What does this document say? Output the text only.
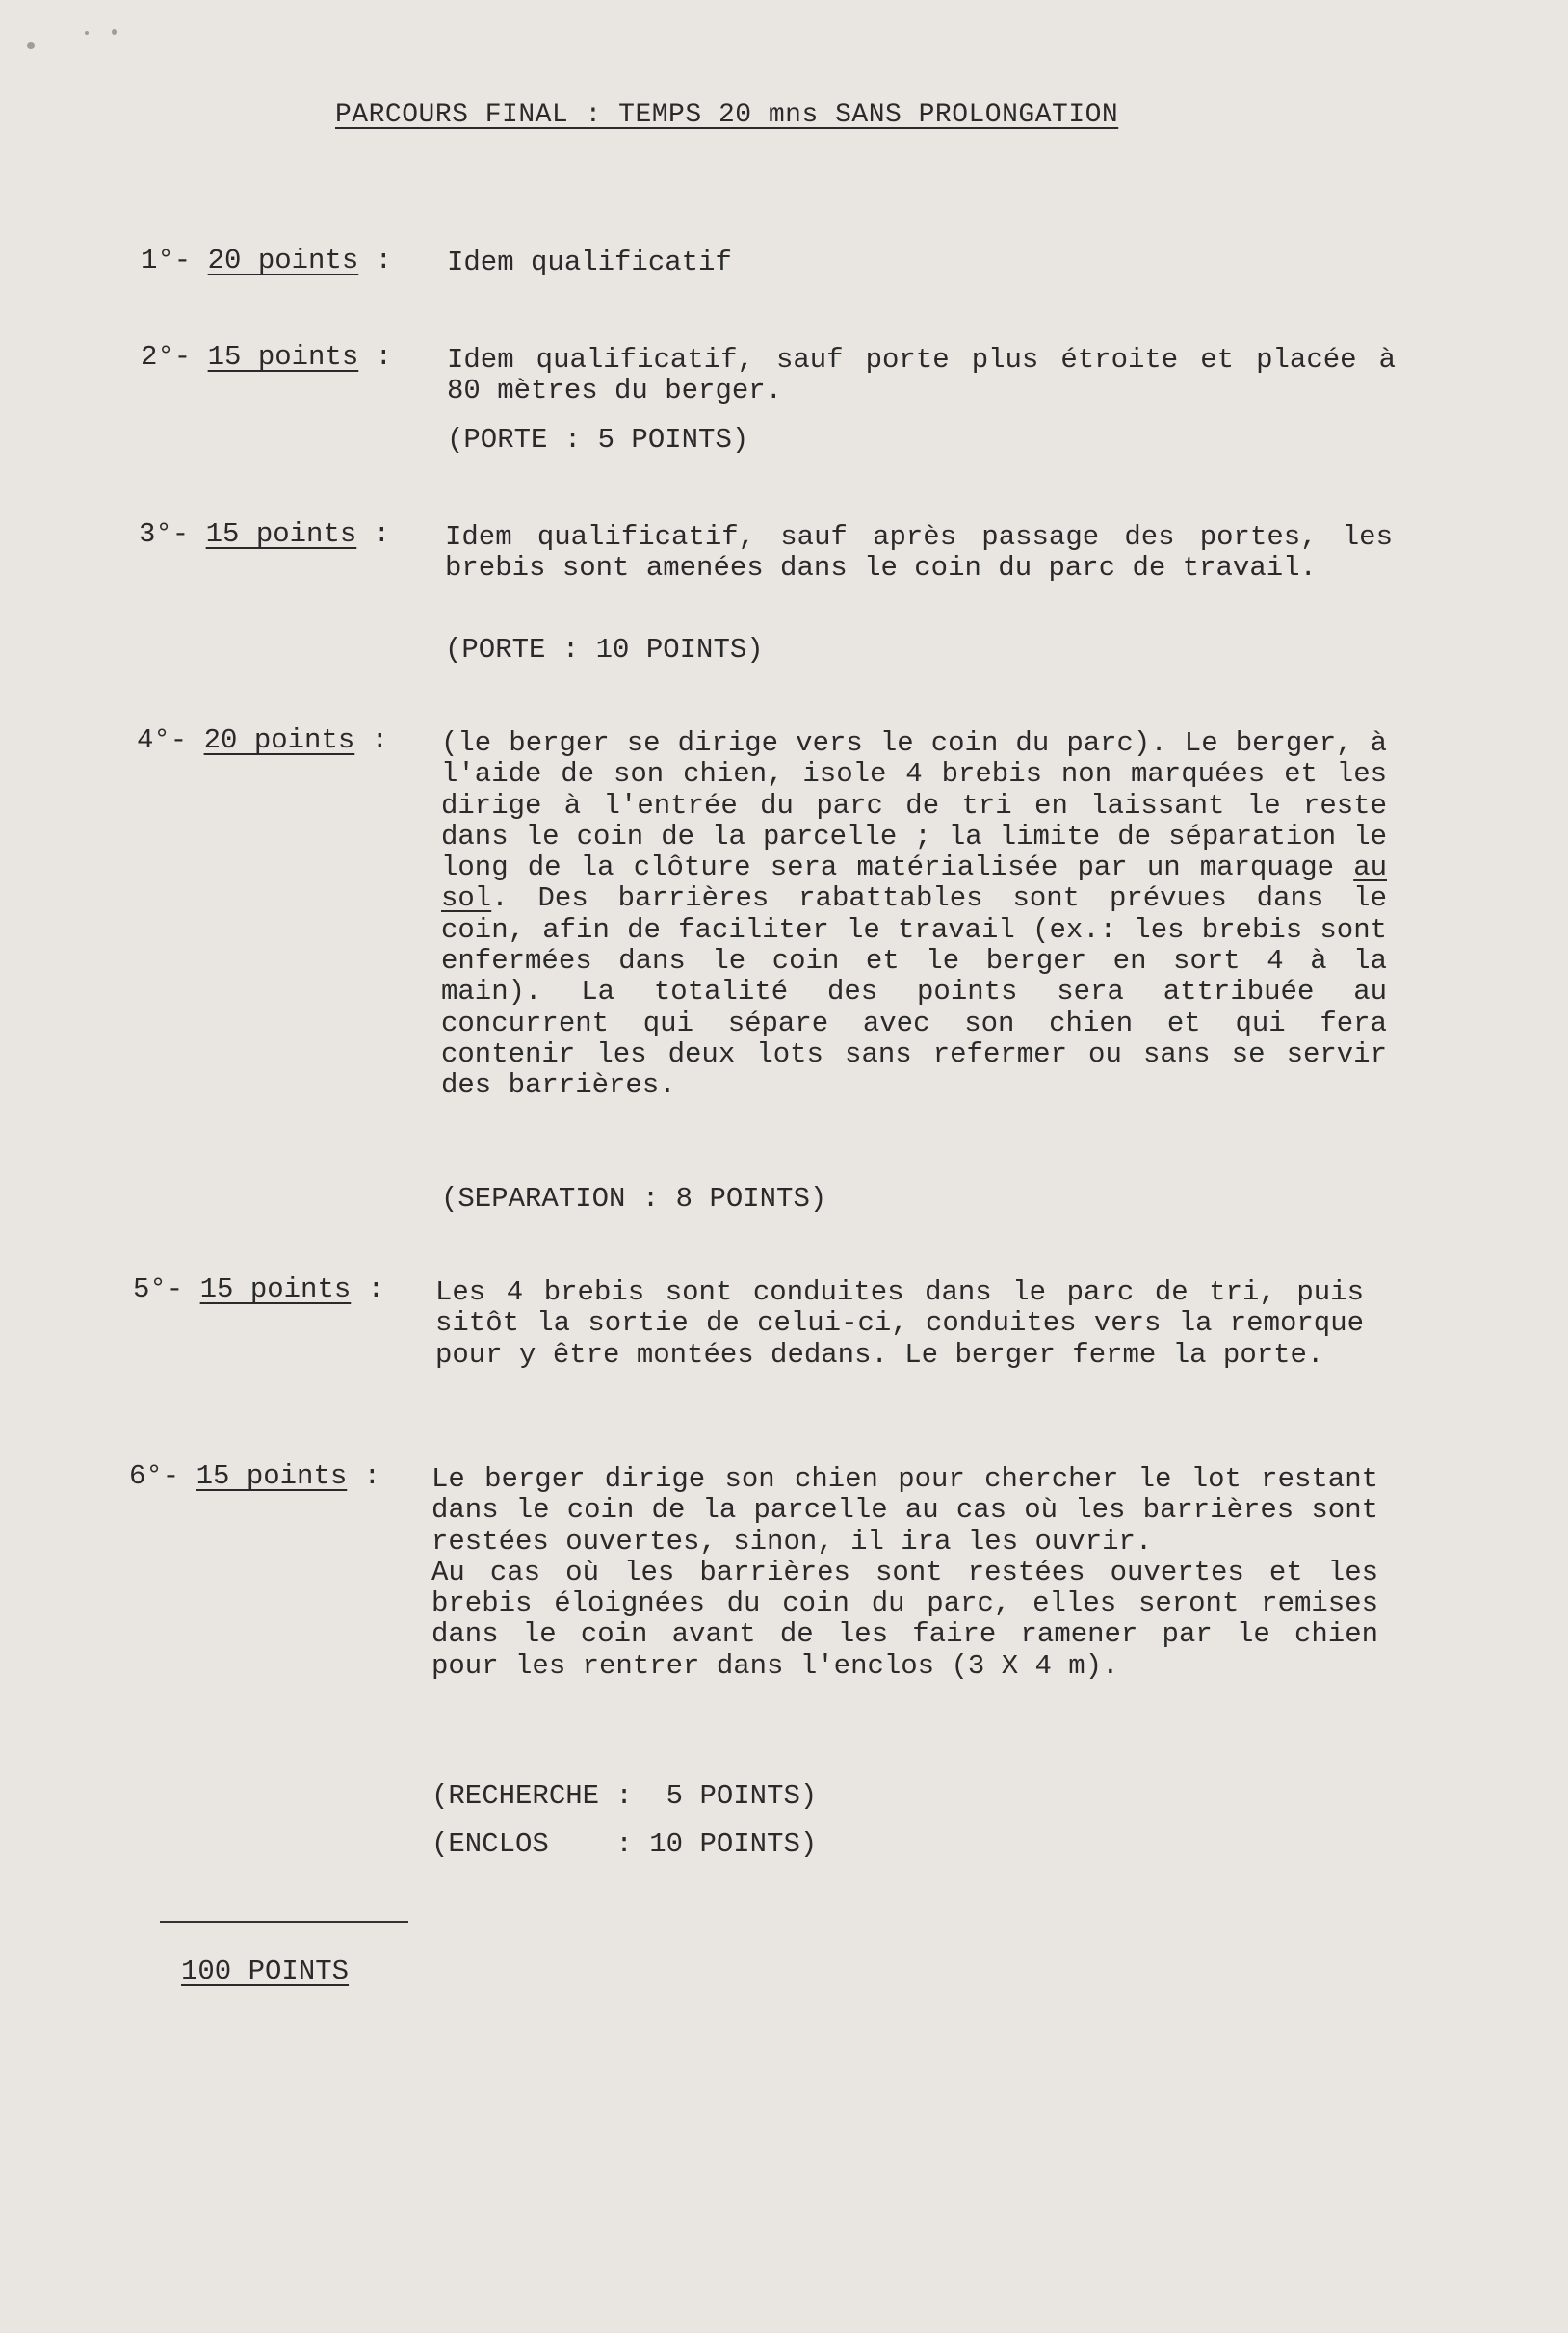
PARCOURS FINAL : TEMPS 20 mns SANS PROLONGATION
1°- 20 points : Idem qualificatif
2°- 15 points : Idem qualificatif, sauf porte plus étroite et placée à 80 mètres du berger.
(PORTE : 5 POINTS)
3°- 15 points : Idem qualificatif, sauf après passage des portes, les brebis sont amenées dans le coin du parc de travail.
(PORTE : 10 POINTS)
4°- 20 points : (le berger se dirige vers le coin du parc). Le berger, à l'aide de son chien, isole 4 brebis non marquées et les dirige à l'entrée du parc de tri en laissant le reste dans le coin de la parcelle ; la limite de séparation le long de la clôture sera matérialisée par un marquage au sol. Des barrières rabattables sont prévues dans le coin, afin de faciliter le travail (ex.: les brebis sont enfermées dans le coin et le berger en sort 4 à la main). La totalité des points sera attribuée au concurrent qui sépare avec son chien et qui fera contenir les deux lots sans refermer ou sans se servir des barrières.
(SEPARATION : 8 POINTS)
5°- 15 points : Les 4 brebis sont conduites dans le parc de tri, puis sitôt la sortie de celui-ci, conduites vers la remorque pour y être montées dedans. Le berger ferme la porte.
6°- 15 points : Le berger dirige son chien pour chercher le lot restant dans le coin de la parcelle au cas où les barrières sont restées ouvertes, sinon, il ira les ouvrir.
Au cas où les barrières sont restées ouvertes et les brebis éloignées du coin du parc, elles seront remises dans le coin avant de les faire ramener par le chien pour les rentrer dans l'enclos (3 X 4 m).
(RECHERCHE :  5 POINTS)
(ENCLOS    : 10 POINTS)
100 POINTS
